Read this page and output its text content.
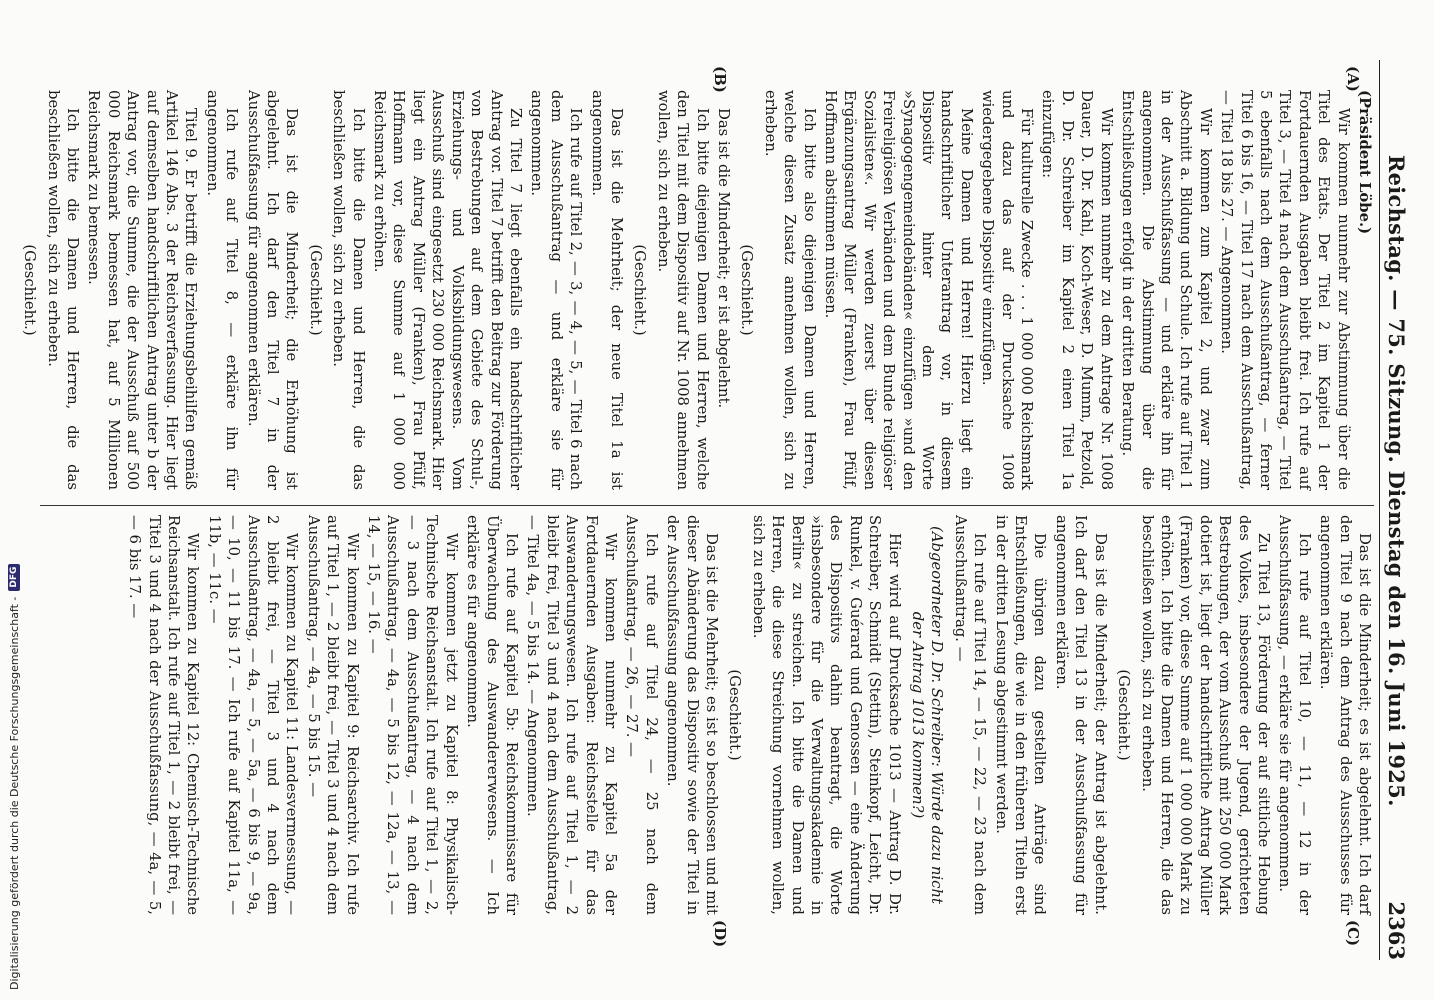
Reichstag. — 75. Sitzung. Dienstag den 16. Juni 1925.
2363
(A)
(B)
(C)
(D)

(Präsident Löbe.)

Wir kommen nunmehr zur Abstimmung über die Titel des Etats. Der Titel 2 im Kapitel 1 der Fortdauernden Ausgaben bleibt frei. Ich rufe auf Titel 3, — Titel 4 nach dem Ausschußantrag, — Titel 5 ebenfalls nach dem Ausschußantrag, — ferner Titel 6 bis 16, — Titel 17 nach dem Ausschußantrag, — Titel 18 bis 27. — Angenommen.

Wir kommen zum Kapitel 2, und zwar zum Abschnitt a. Bildung und Schule. Ich rufe auf Titel 1 in der Ausschußfassung — und erkläre ihn für angenommen. Die Abstimmung über die Entschließungen erfolgt in der dritten Beratung.

Wir kommen nunmehr zu dem Antrage Nr. 1008 Dauer, D. Dr. Kahl, Koch-Weser, D. Mumm, Petzold, D. Dr. Schreiber im Kapitel 2 einen Titel 1a einzufügen:

Für kulturelle Zwecke . . . 1 000 000 Reichsmark und dazu das auf der Drucksache 1008 wiedergegebene Dispositiv einzufügen.

Meine Damen und Herren! Hierzu liegt ein handschriftlicher Unterantrag vor, in diesem Dispositiv hinter dem Worte »Synagogengemeindebänden« einzufügen »und den Freireligiösen Verbänden und dem Bunde religiöser Sozialisten«. Wir werden zuerst über diesen Ergänzungsantrag Müller (Franken), Frau Pfülf, Hoffmann abstimmen müssen.

Ich bitte also diejenigen Damen und Herren, welche diesen Zusatz annehmen wollen, sich zu erheben.

(Geschieht.)

Das ist die Minderheit; er ist abgelehnt.

Ich bitte diejenigen Damen und Herren, welche den Titel mit dem Dispositiv auf Nr. 1008 annehmen wollen, sich zu erheben.

(Geschieht.)

Das ist die Mehrheit; der neue Titel 1a ist angenommen.

Ich rufe auf Titel 2, — 3, — 4, — 5, — Titel 6 nach dem Ausschußantrag — und erkläre sie für angenommen.

Zu Titel 7 liegt ebenfalls ein handschriftlicher Antrag vor. Titel 7 betrifft den Beitrag zur Förderung von Bestrebungen auf dem Gebiete des Schul-, Erziehungs- und Volksbildungswesens. Vom Ausschuß sind eingesetzt 230 000 Reichsmark. Hier liegt ein Antrag Müller (Franken), Frau Pfülf, Hoffmann vor, diese Summe auf 1 000 000 Reichsmark zu erhöhen.

Ich bitte die Damen und Herren, die das beschließen wollen, sich zu erheben.

(Geschieht.)

Das ist die Minderheit; die Erhöhung ist abgelehnt. Ich darf den Titel 7 in der Ausschußfassung für angenommen erklären.

Ich rufe auf Titel 8, — erkläre ihn für angenommen.

Titel 9. Er betrifft die Erziehungsbeihilfen gemäß Artikel 146 Abs. 3 der Reichsverfassung. Hier liegt auf demselben handschriftlichen Antrag unter b der Antrag vor, die Summe, die der Ausschuß auf 500 000 Reichsmark bemessen hat, auf 5 Millionen Reichsmark zu bemessen.

Ich bitte die Damen und Herren, die das beschließen wollen, sich zu erheben.

(Geschieht.)

Das ist die Minderheit; es ist abgelehnt. Ich darf den Titel 9 nach dem Antrag des Ausschusses für angenommen erklären.

Ich rufe auf Titel 10, — 11, — 12 in der Ausschußfassung, — erkläre sie für angenommen.

Zu Titel 13, Förderung der auf sittliche Hebung des Volkes, insbesondere der Jugend, gerichteten Bestrebungen, der vom Ausschuß mit 250 000 Mark dotiert ist, liegt der handschriftliche Antrag Müller (Franken) vor, diese Summe auf 1 000 000 Mark zu erhöhen. Ich bitte die Damen und Herren, die das beschließen wollen, sich zu erheben.

(Geschieht.)

Das ist die Minderheit; der Antrag ist abgelehnt. Ich darf den Titel 13 in der Ausschußfassung für angenommen erklären.

Die übrigen dazu gestellten Anträge sind Entschließungen, die wie in den früheren Titeln erst in der dritten Lesung abgestimmt werden.

Ich rufe auf Titel 14, — 15, — 22, — 23 nach dem Ausschußantrag. —

(Abgeordneter D. Dr. Schreiber: Würde dazu nicht der Antrag 1013 kommen?)

Hier wird auf Drucksache 1013 — Antrag D. Dr. Schreiber, Schmidt (Stettin), Steinkopf, Leicht, Dr. Runkel, v. Guérard und Genossen — eine Änderung des Dispositivs dahin beantragt, die Worte »insbesondere für die Verwaltungsakademie in Berlin« zu streichen. Ich bitte die Damen und Herren, die diese Streichung vornehmen wollen, sich zu erheben.

(Geschieht.)

Das ist die Mehrheit; es ist so beschlossen und mit dieser Abänderung das Dispositiv sowie der Titel in der Ausschußfassung angenommen.

Ich rufe auf Titel 24, — 25 nach dem Ausschußantrag, — 26, — 27. —

Wir kommen nunmehr zu Kapitel 5a der Fortdauernden Ausgaben: Reichsstelle für das Auswanderungswesen. Ich rufe auf Titel 1, — 2 bleibt frei, Titel 3 und 4 nach dem Ausschußantrag, — Titel 4a, — 5 bis 14. — Angenommen.

Ich rufe auf Kapitel 5b: Reichskommissare für Überwachung des Auswandererwesens. — Ich erkläre es für angenommen.

Wir kommen jetzt zu Kapitel 8: Physikalisch-Technische Reichsanstalt. Ich rufe auf Titel 1, — 2, — 3 nach dem Ausschußantrag, — 4 nach dem Ausschußantrag, — 4a, — 5 bis 12, — 12a, — 13, — 14, — 15, — 16. —

Wir kommen zu Kapitel 9: Reichsarchiv. Ich rufe auf Titel 1, — 2 bleibt frei, — Titel 3 und 4 nach dem Ausschußantrag, — 4a, — 5 bis 15. —

Wir kommen zu Kapitel 11: Landesvermessung, — 2 bleibt frei, — Titel 3 und 4 nach dem Ausschußantrag, — 4a, — 5, — 5a, — 6 bis 9, — 9a, — 10, — 11 bis 17. — Ich rufe auf Kapitel 11a, — 11b, — 11c. —

Wir kommen zu Kapitel 12: Chemisch-Technische Reichsanstalt. Ich rufe auf Titel 1, — 2 bleibt frei, — Titel 3 und 4 nach der Ausschußfassung, — 4a, — 5, — 6 bis 17. —

Digitalisierung gefördert durch die Deutsche Forschungsgemeinschaft -
DFG
